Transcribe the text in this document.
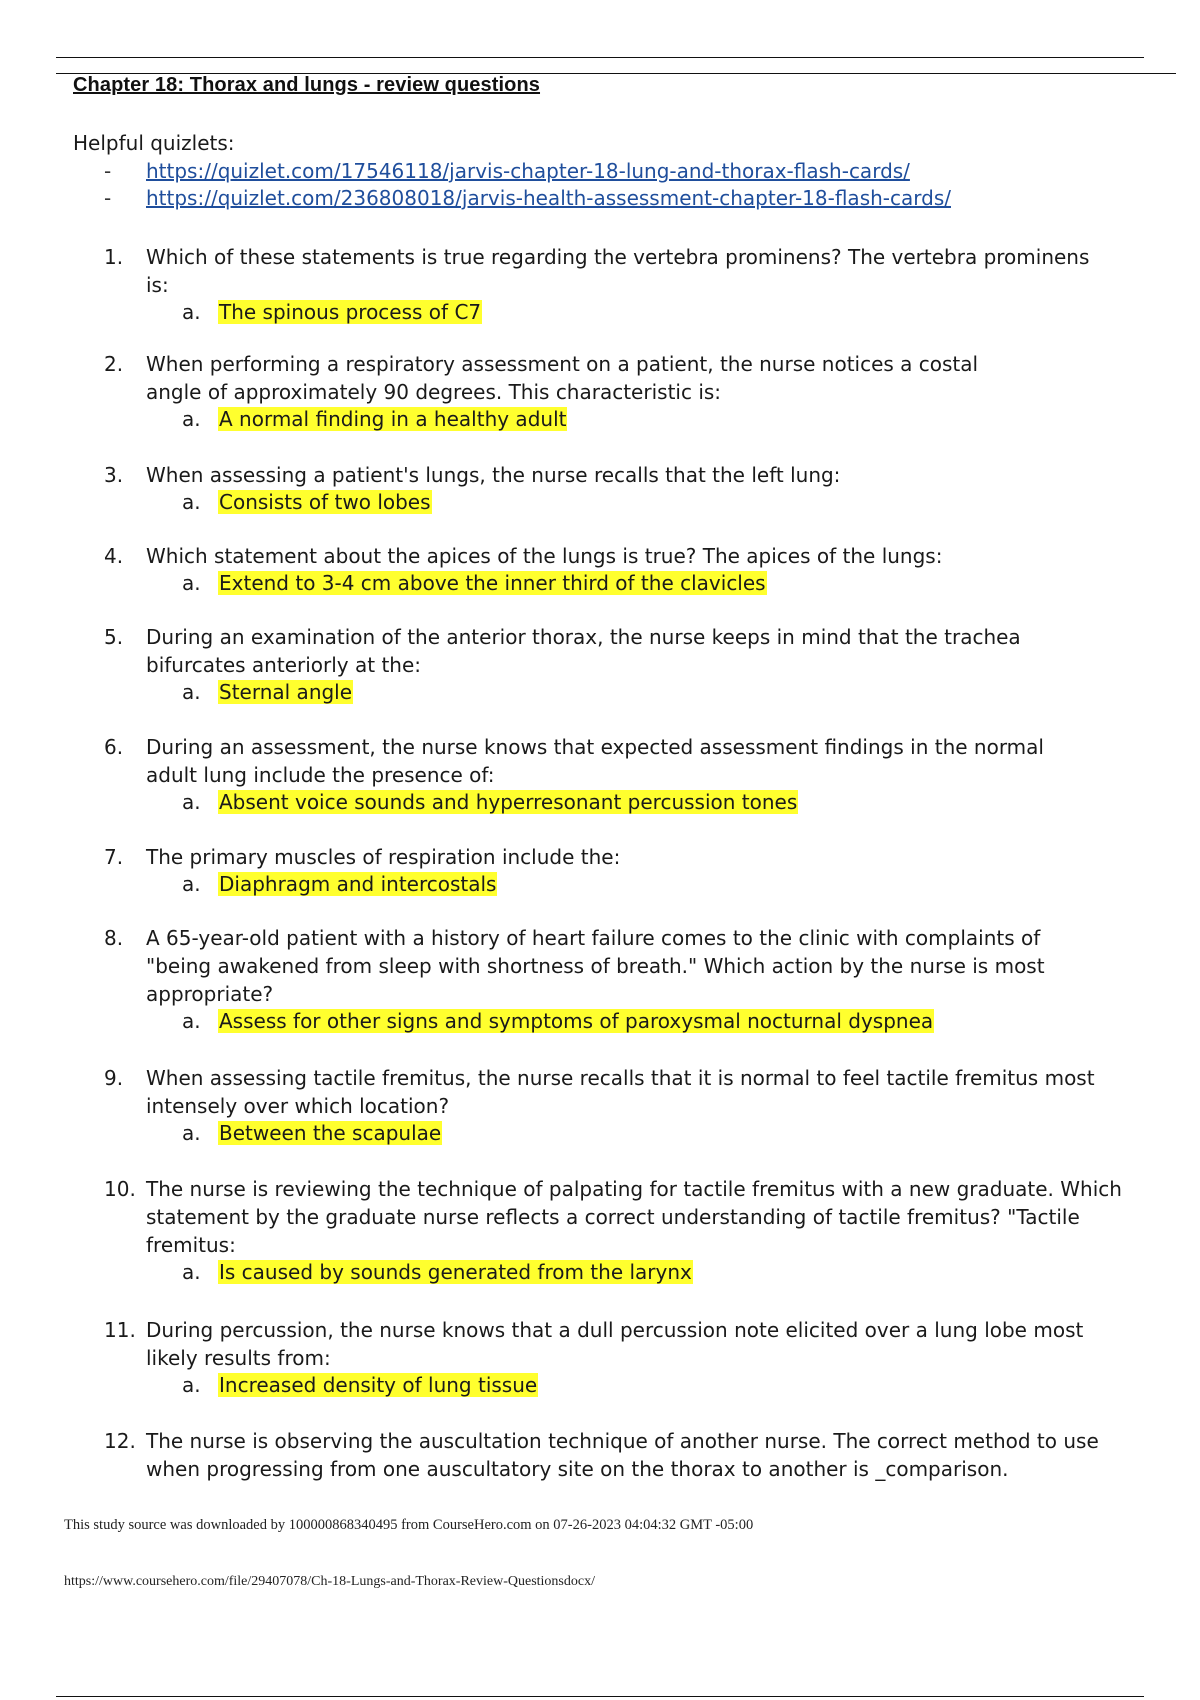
Chapter 18: Thorax and lungs - review questions
Helpful quizlets:
- https://quizlet.com/17546118/jarvis-chapter-18-lung-and-thorax-flash-cards/
- https://quizlet.com/236808018/jarvis-health-assessment-chapter-18-flash-cards/
1. Which of these statements is true regarding the vertebra prominens? The vertebra prominens is:
a. The spinous process of C7
2. When performing a respiratory assessment on a patient, the nurse notices a costal angle of approximately 90 degrees. This characteristic is:
a. A normal finding in a healthy adult
3. When assessing a patient's lungs, the nurse recalls that the left lung:
a. Consists of two lobes
4. Which statement about the apices of the lungs is true? The apices of the lungs:
a. Extend to 3-4 cm above the inner third of the clavicles
5. During an examination of the anterior thorax, the nurse keeps in mind that the trachea bifurcates anteriorly at the:
a. Sternal angle
6. During an assessment, the nurse knows that expected assessment findings in the normal adult lung include the presence of:
a. Absent voice sounds and hyperresonant percussion tones
7. The primary muscles of respiration include the:
a. Diaphragm and intercostals
8. A 65-year-old patient with a history of heart failure comes to the clinic with complaints of "being awakened from sleep with shortness of breath." Which action by the nurse is most appropriate?
a. Assess for other signs and symptoms of paroxysmal nocturnal dyspnea
9. When assessing tactile fremitus, the nurse recalls that it is normal to feel tactile fremitus most intensely over which location?
a. Between the scapulae
10. The nurse is reviewing the technique of palpating for tactile fremitus with a new graduate. Which statement by the graduate nurse reflects a correct understanding of tactile fremitus? "Tactile fremitus:
a. Is caused by sounds generated from the larynx
11. During percussion, the nurse knows that a dull percussion note elicited over a lung lobe most likely results from:
a. Increased density of lung tissue
12. The nurse is observing the auscultation technique of another nurse. The correct method to use when progressing from one auscultatory site on the thorax to another is _comparison.
This study source was downloaded by 100000868340495 from CourseHero.com on 07-26-2023 04:04:32 GMT -05:00
https://www.coursehero.com/file/29407078/Ch-18-Lungs-and-Thorax-Review-Questionsdocx/
